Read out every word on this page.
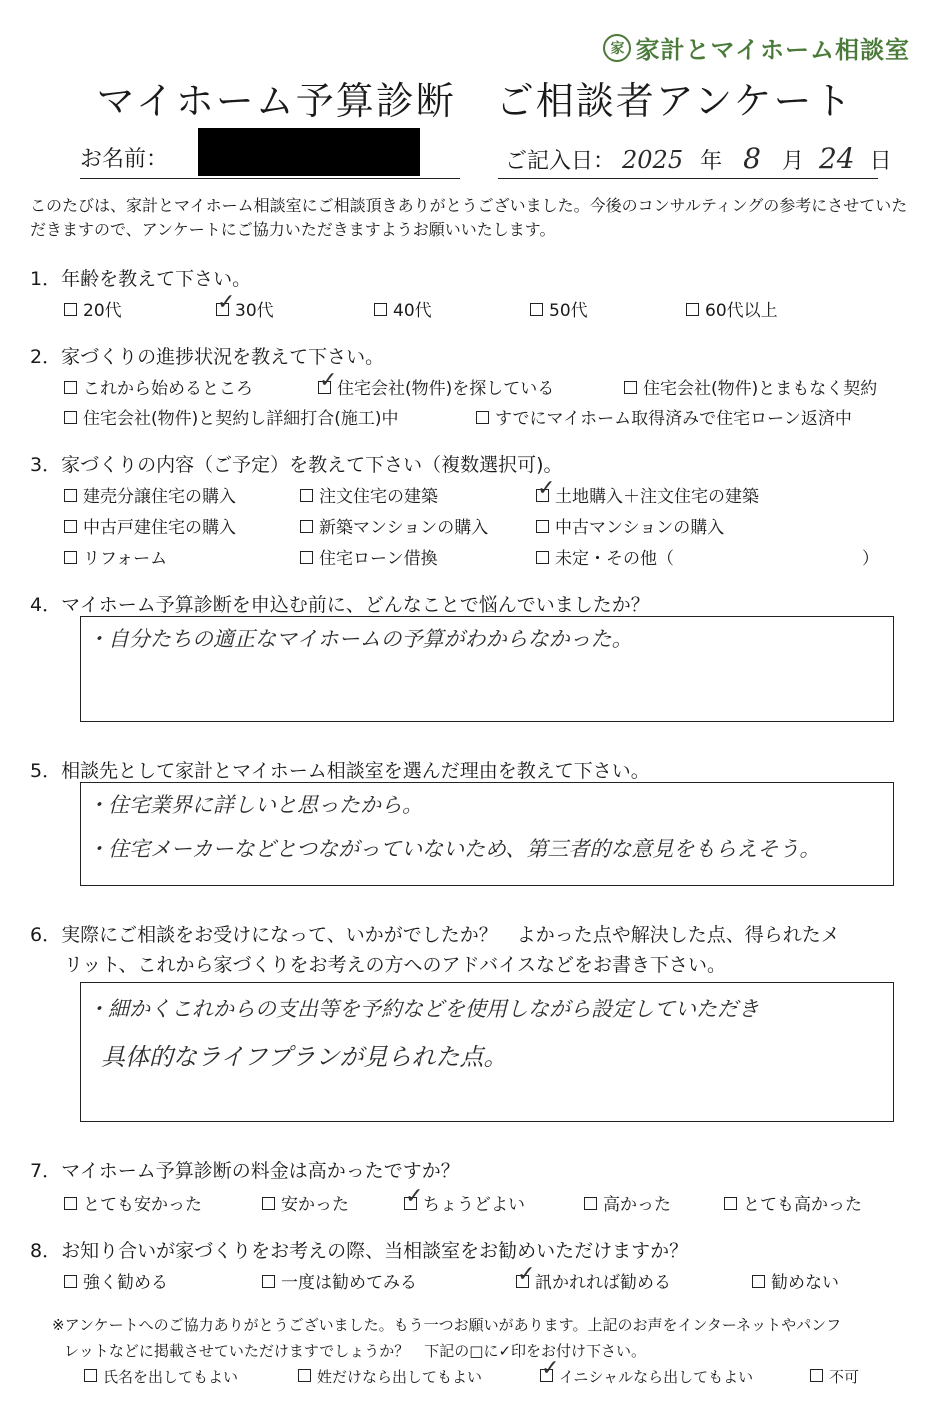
家 家計とマイホーム相談室
マイホーム予算診断　ご相談者アンケート
お名前：	ご記入日： 2025 年 8 月 24 日
このたびは、家計とマイホーム相談室にご相談頂きありがとうございました。今後のコンサルティングの参考にさせていただきますので、アンケートにご協力いただきますようお願いいたします。
1．年齢を教えて下さい。
20代 ✓	30代	40代	50代	60代以上
2．家づくりの進捗状況を教えて下さい。
これから始めるところ ✓	住宅会社(物件)を探している	住宅会社(物件)とまもなく契約
住宅会社(物件)と契約し詳細打合(施工)中	すでにマイホーム取得済みで住宅ローン返済中
3．家づくりの内容（ご予定）を教えて下さい（複数選択可)。
建売分譲住宅の購入	注文住宅の建築 ✓	土地購入＋注文住宅の建築
中古戸建住宅の購入	新築マンションの購入	中古マンションの購入
リフォーム	住宅ローン借換	未定・その他（	）
4．マイホーム予算診断を申込む前に、どんなことで悩んでいましたか？
・自分たちの適正なマイホームの予算がわからなかった。
5．相談先として家計とマイホーム相談室を選んだ理由を教えて下さい。
・住宅業界に詳しいと思ったから。
・住宅メーカーなどとつながっていないため、第三者的な意見をもらえそう。
6．実際にご相談をお受けになって、いかがでしたか？　よかった点や解決した点、得られたメ
リット、これから家づくりをお考えの方へのアドバイスなどをお書き下さい。
・細かくこれからの支出等を予約などを使用しながら設定していただき
具体的なライフプランが見られた点。
7．マイホーム予算診断の料金は高かったですか？
とても安かった	安かった ✓	ちょうどよい	高かった	とても高かった
8．お知り合いが家づくりをお考えの際、当相談室をお勧めいただけますか？
強く勧める	一度は勧めてみる ✓	訊かれれば勧める	勧めない
※アンケートへのご協力ありがとうございました。もう一つお願いがあります。上記のお声をインターネットやパンフ
レットなどに掲載させていただけますでしょうか？　下記の□に✓印をお付け下さい。
氏名を出してもよい	姓だけなら出してもよい ✓	イニシャルなら出してもよい	不可
